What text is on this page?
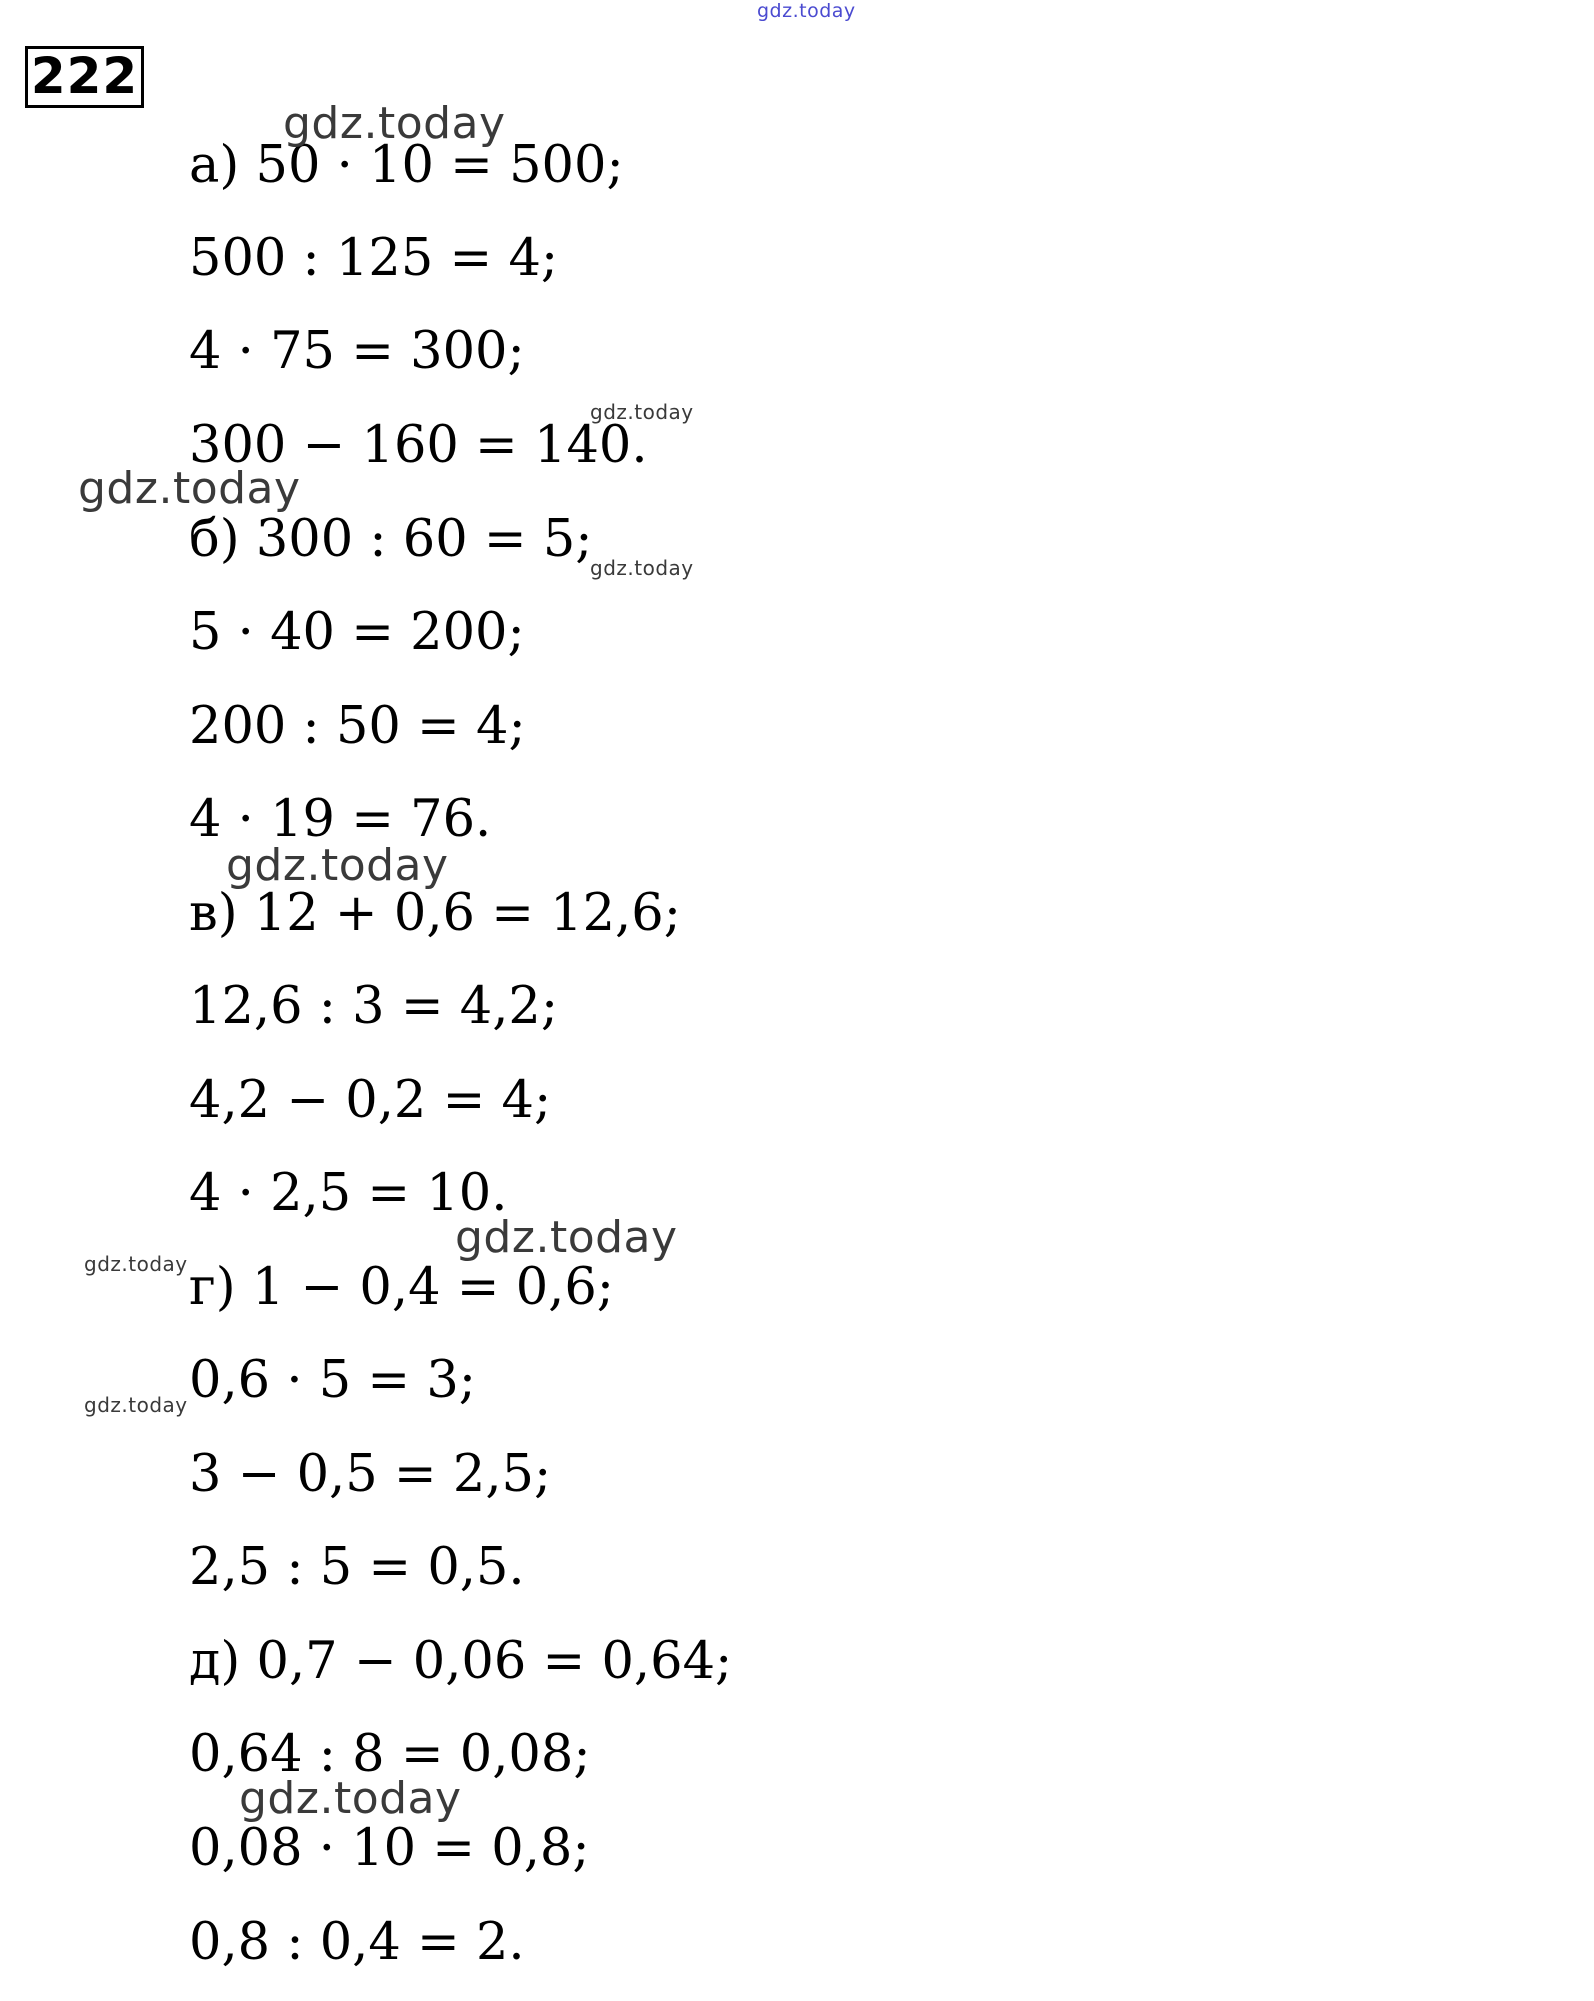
gdz.today
222
а) 50 · 10 = 500;
500 : 125 = 4;
4 · 75 = 300;
300 − 160 = 140.
б) 300 : 60 = 5;
5 · 40 = 200;
200 : 50 = 4;
4 · 19 = 76.
в) 12 + 0,6 = 12,6;
12,6 : 3 = 4,2;
4,2 − 0,2 = 4;
4 · 2,5 = 10.
г) 1 − 0,4 = 0,6;
0,6 · 5 = 3;
3 − 0,5 = 2,5;
2,5 : 5 = 0,5.
д) 0,7 − 0,06 = 0,64;
0,64 : 8 = 0,08;
0,08 · 10 = 0,8;
0,8 : 0,4 = 2.
gdz.today
gdz.today
gdz.today
gdz.today
gdz.today
gdz.today
gdz.today
gdz.today
gdz.today
